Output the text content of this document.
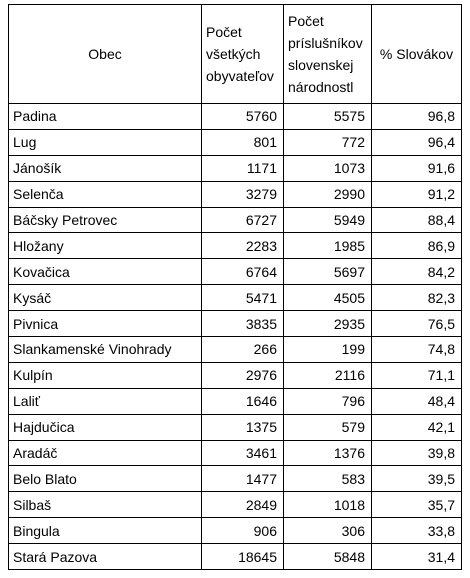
Obec	Počet
všetkých
obyvateľov	Počet
príslušníkov
slovenskej
národnostl	% Slovákov
Padina	5760	5575	96,8
Lug	801	772	96,4
Jánošík	1171	1073	91,6
Selenča	3279	2990	91,2
Báčsky Petrovec	6727	5949	88,4
Hložany	2283	1985	86,9
Kovačica	6764	5697	84,2
Kysáč	5471	4505	82,3
Pivnica	3835	2935	76,5
Slankamenské Vinohrady	266	199	74,8
Kulpín	2976	2116	71,1
Laliť	1646	796	48,4
Hajdučica	1375	579	42,1
Aradáč	3461	1376	39,8
Belo Blato	1477	583	39,5
Silbaš	2849	1018	35,7
Bingula	906	306	33,8
Stará Pazova	18645	5848	31,4
